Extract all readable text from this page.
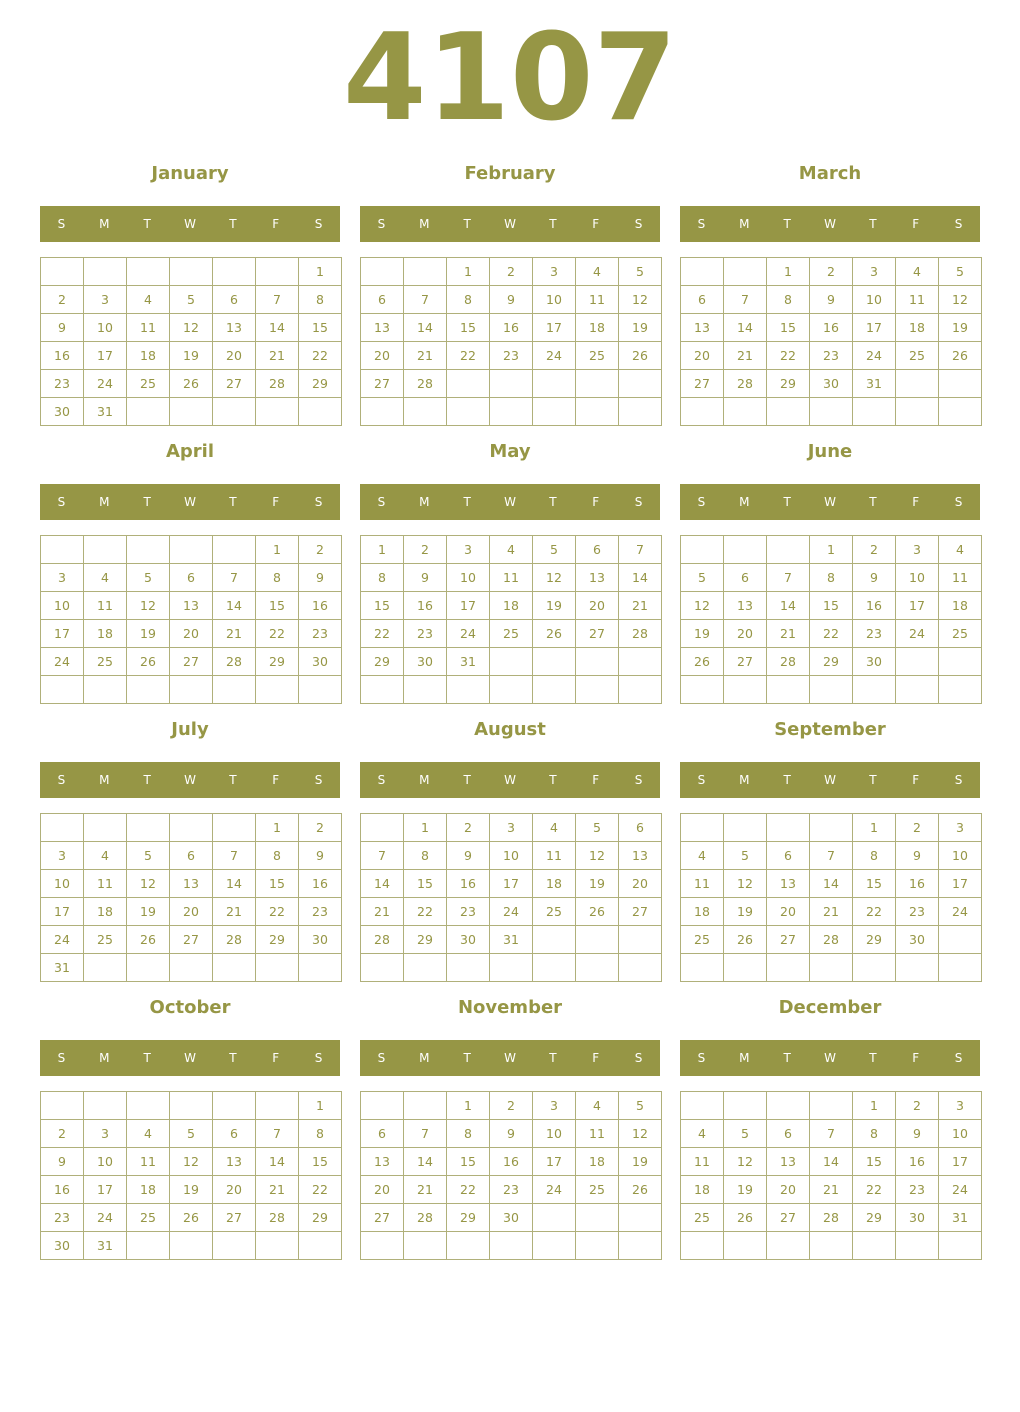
4107
January
S	M	T	W	T	F	S
						1
2	3	4	5	6	7	8
9	10	11	12	13	14	15
16	17	18	19	20	21	22
23	24	25	26	27	28	29
30	31					
February
S	M	T	W	T	F	S
		1	2	3	4	5
6	7	8	9	10	11	12
13	14	15	16	17	18	19
20	21	22	23	24	25	26
27	28					

March
S	M	T	W	T	F	S
		1	2	3	4	5
6	7	8	9	10	11	12
13	14	15	16	17	18	19
20	21	22	23	24	25	26
27	28	29	30	31		

April
S	M	T	W	T	F	S
					1	2
3	4	5	6	7	8	9
10	11	12	13	14	15	16
17	18	19	20	21	22	23
24	25	26	27	28	29	30

May
S	M	T	W	T	F	S
1	2	3	4	5	6	7
8	9	10	11	12	13	14
15	16	17	18	19	20	21
22	23	24	25	26	27	28
29	30	31				

June
S	M	T	W	T	F	S
			1	2	3	4
5	6	7	8	9	10	11
12	13	14	15	16	17	18
19	20	21	22	23	24	25
26	27	28	29	30		

July
S	M	T	W	T	F	S
					1	2
3	4	5	6	7	8	9
10	11	12	13	14	15	16
17	18	19	20	21	22	23
24	25	26	27	28	29	30
31						
August
S	M	T	W	T	F	S
	1	2	3	4	5	6
7	8	9	10	11	12	13
14	15	16	17	18	19	20
21	22	23	24	25	26	27
28	29	30	31			

September
S	M	T	W	T	F	S
				1	2	3
4	5	6	7	8	9	10
11	12	13	14	15	16	17
18	19	20	21	22	23	24
25	26	27	28	29	30	

October
S	M	T	W	T	F	S
						1
2	3	4	5	6	7	8
9	10	11	12	13	14	15
16	17	18	19	20	21	22
23	24	25	26	27	28	29
30	31					
November
S	M	T	W	T	F	S
		1	2	3	4	5
6	7	8	9	10	11	12
13	14	15	16	17	18	19
20	21	22	23	24	25	26
27	28	29	30			

December
S	M	T	W	T	F	S
				1	2	3
4	5	6	7	8	9	10
11	12	13	14	15	16	17
18	19	20	21	22	23	24
25	26	27	28	29	30	31
